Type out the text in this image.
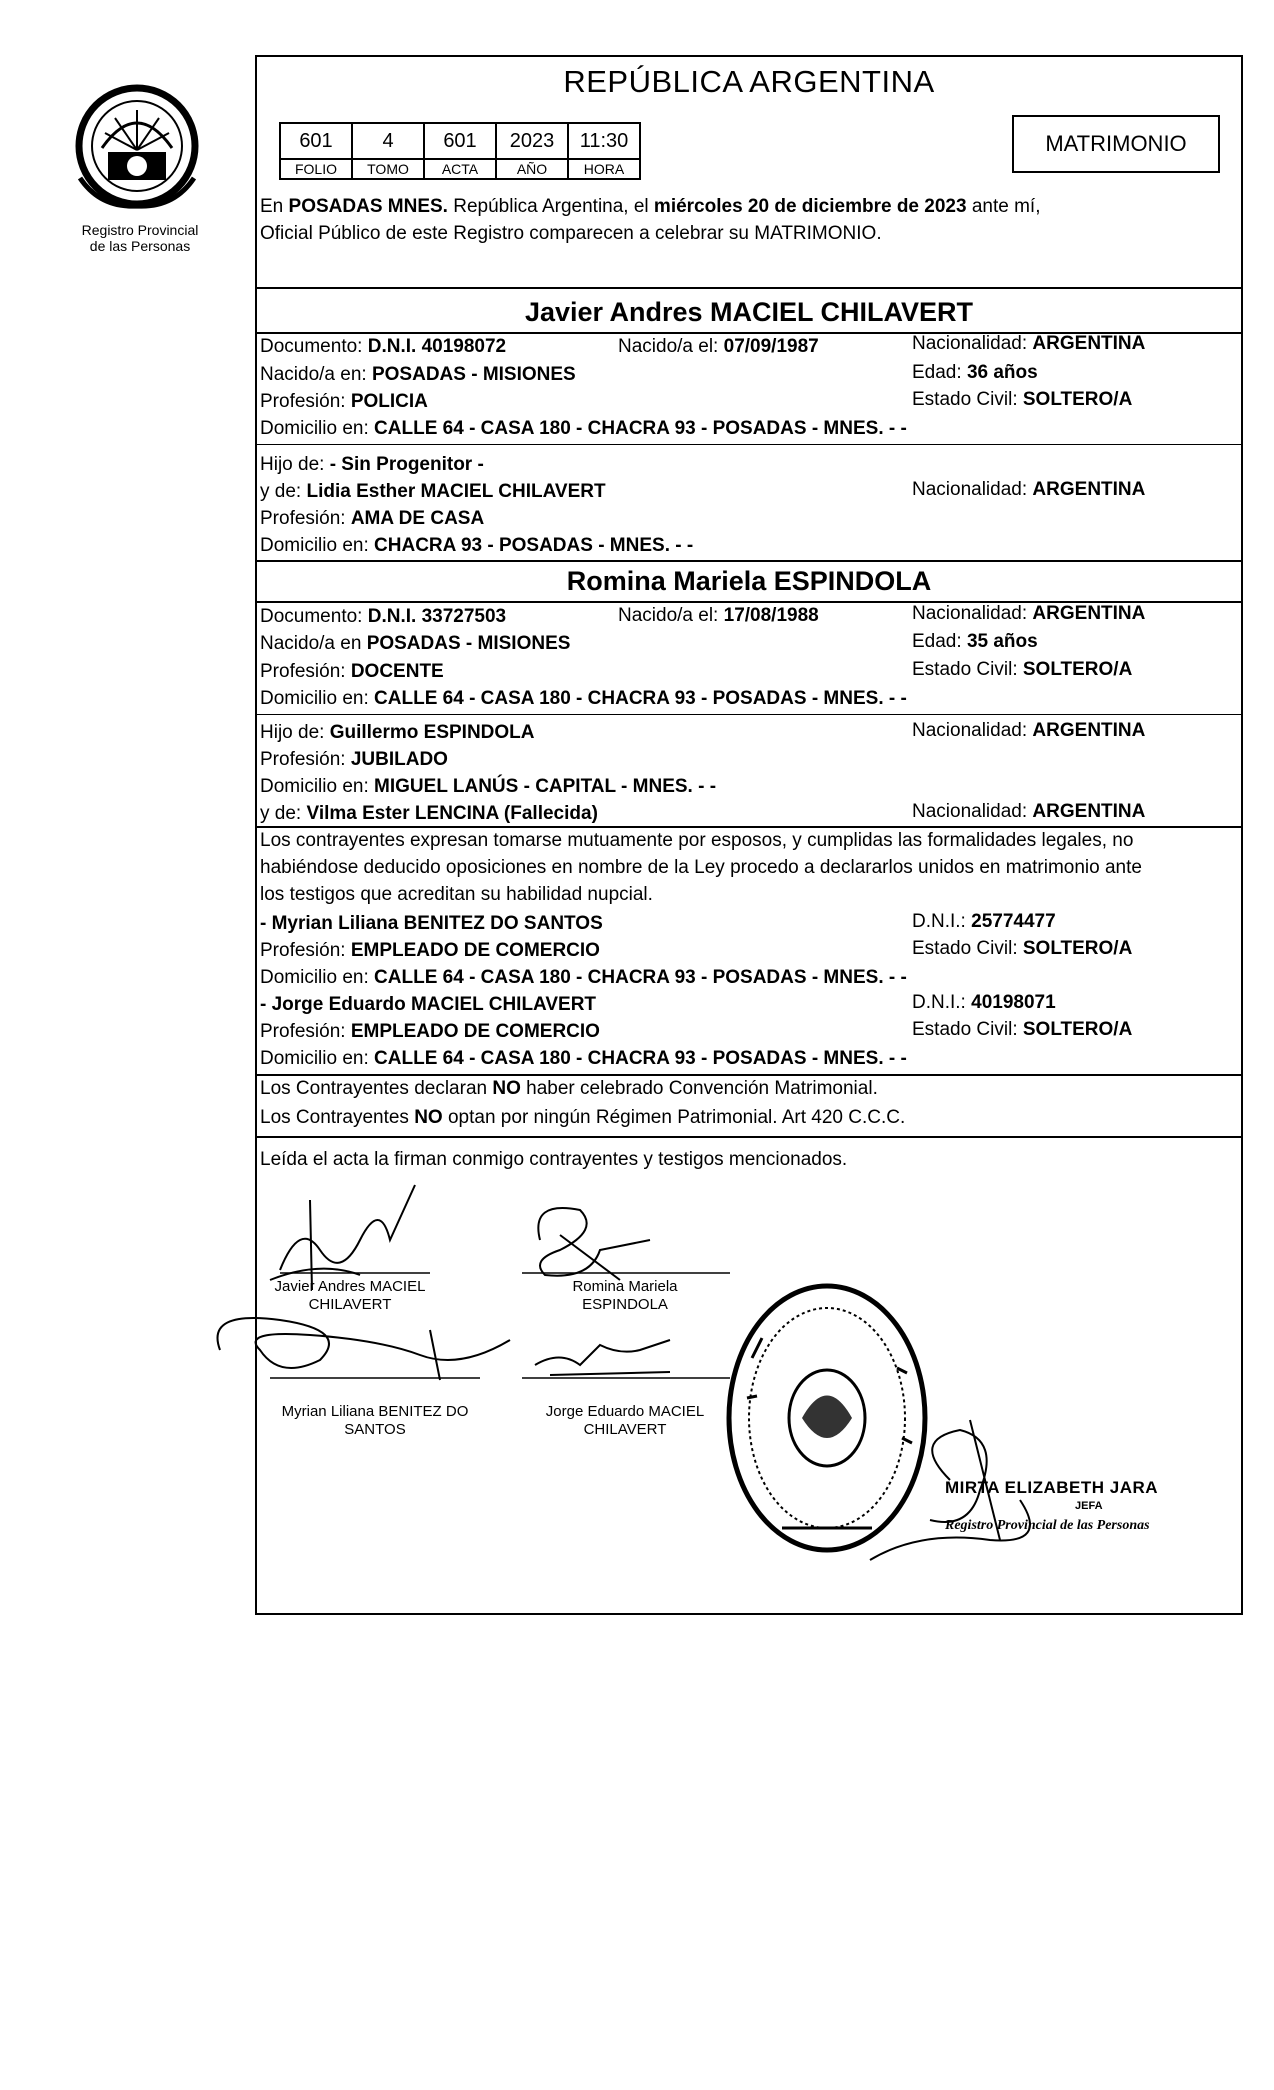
Registro Provincial
de las Personas
REPÚBLICA ARGENTINA
601	4	601	2023	11:30
FOLIO	TOMO	ACTA	AÑO	HORA
MATRIMONIO
En POSADAS MNES. República Argentina, el miércoles 20 de diciembre de 2023 ante mí,
Oficial Público de este Registro comparecen a celebrar su MATRIMONIO.
Javier Andres MACIEL CHILAVERT
Documento: D.N.I. 40198072	Nacido/a el: 07/09/1987	Nacionalidad: ARGENTINA
Nacido/a en: POSADAS - MISIONES	Edad: 36 años
Profesión: POLICIA	Estado Civil: SOLTERO/A
Domicilio en: CALLE 64 - CASA 180 - CHACRA 93 - POSADAS - MNES. - -
Hijo de: - Sin Progenitor -
y de: Lidia Esther MACIEL CHILAVERT	Nacionalidad: ARGENTINA
Profesión: AMA DE CASA
Domicilio en: CHACRA 93 - POSADAS - MNES. - -
Romina Mariela ESPINDOLA
Documento: D.N.I. 33727503	Nacido/a el: 17/08/1988	Nacionalidad: ARGENTINA
Nacido/a en POSADAS - MISIONES	Edad: 35 años
Profesión: DOCENTE	Estado Civil: SOLTERO/A
Domicilio en: CALLE 64 - CASA 180 - CHACRA 93 - POSADAS - MNES. - -
Hijo de: Guillermo ESPINDOLA	Nacionalidad: ARGENTINA
Profesión: JUBILADO
Domicilio en: MIGUEL LANÚS - CAPITAL - MNES. - -
y de: Vilma Ester LENCINA (Fallecida)	Nacionalidad: ARGENTINA
Los contrayentes expresan tomarse mutuamente por esposos, y cumplidas las formalidades legales, no
habiéndose deducido oposiciones en nombre de la Ley procedo a declararlos unidos en matrimonio ante
los testigos que acreditan su habilidad nupcial.
- Myrian Liliana BENITEZ DO SANTOS	D.N.I.: 25774477
Profesión: EMPLEADO DE COMERCIO	Estado Civil: SOLTERO/A
Domicilio en: CALLE 64 - CASA 180 - CHACRA 93 - POSADAS - MNES. - -
- Jorge Eduardo MACIEL CHILAVERT	D.N.I.: 40198071
Profesión: EMPLEADO DE COMERCIO	Estado Civil: SOLTERO/A
Domicilio en: CALLE 64 - CASA 180 - CHACRA 93 - POSADAS - MNES. - -
Los Contrayentes declaran NO haber celebrado Convención Matrimonial.
Los Contrayentes NO optan por ningún Régimen Patrimonial. Art 420 C.C.C.
Leída el acta la firman conmigo contrayentes y testigos mencionados.
Javier Andres MACIEL
CHILAVERT
Romina Mariela
ESPINDOLA
Myrian Liliana BENITEZ DO
SANTOS
Jorge Eduardo MACIEL
CHILAVERT
MIRTA ELIZABETH JARA
JEFA
Registro Provincial de las Personas
